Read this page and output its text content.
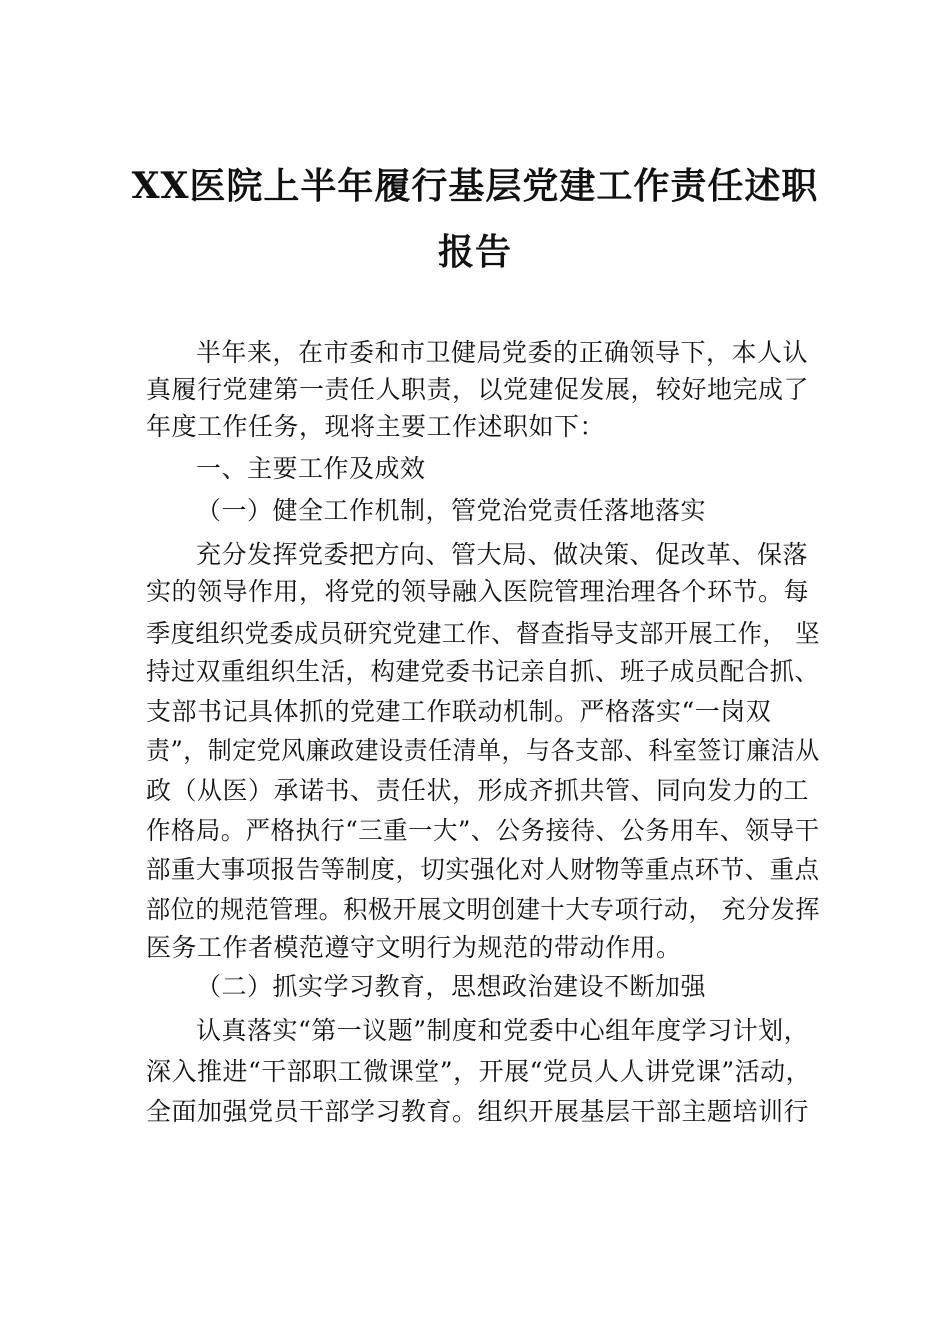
XX医院上半年履行基层党建工作责任述职
报告
半年来，在市委和市卫健局党委的正确领导下，本人认
真履行党建第一责任人职责，以党建促发展，较好地完成了
年度工作任务，现将主要工作述职如下：
一、主要工作及成效
（一）健全工作机制，管党治党责任落地落实
充分发挥党委把方向、管大局、做决策、促改革、保落
实的领导作用，将党的领导融入医院管理治理各个环节。每
季度组织党委成员研究党建工作、督查指导支部开展工作， 坚
持过双重组织生活，构建党委书记亲自抓、班子成员配合抓、
支部书记具体抓的党建工作联动机制。严格落实“一岗双
责”，制定党风廉政建设责任清单，与各支部、科室签订廉洁从
政（从医）承诺书、责任状，形成齐抓共管、同向发力的工
作格局。严格执行“三重一大”、公务接待、公务用车、领导干
部重大事项报告等制度，切实强化对人财物等重点环节、重点
部位的规范管理。积极开展文明创建十大专项行动， 充分发挥
医务工作者模范遵守文明行为规范的带动作用。
（二）抓实学习教育，思想政治建设不断加强
认真落实“第一议题”制度和党委中心组年度学习计划，
深入推进“干部职工微课堂”，开展“党员人人讲党课”活动，
全面加强党员干部学习教育。组织开展基层干部主题培训行
